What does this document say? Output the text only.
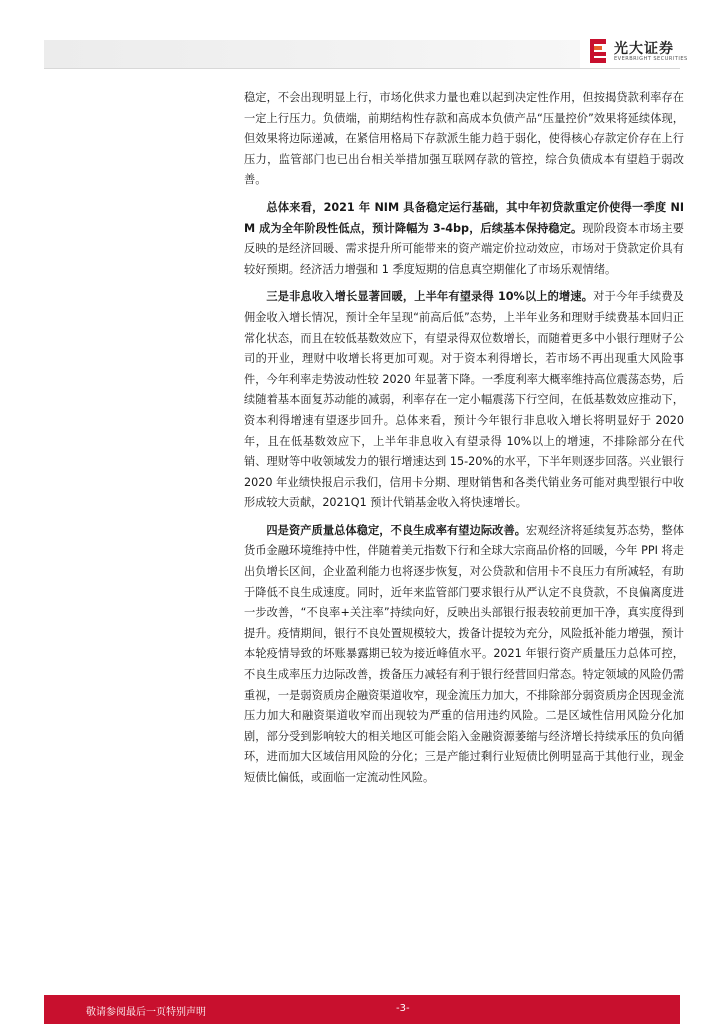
光大证券
EVERBRIGHT SECURITIES

稳定，不会出现明显上行，市场化供求力量也难以起到决定性作用，但按揭贷款利率存在一定上行压力。负债端，前期结构性存款和高成本负债产品“压量控价”效果将延续体现，但效果将边际递减，在紧信用格局下存款派生能力趋于弱化，使得核心存款定价存在上行压力，监管部门也已出台相关举措加强互联网存款的管控，综合负债成本有望趋于弱改善。

总体来看，2021 年 NIM 具备稳定运行基础，其中年初贷款重定价使得一季度 NIM 成为全年阶段性低点，预计降幅为 3-4bp，后续基本保持稳定。现阶段资本市场主要反映的是经济回暖、需求提升所可能带来的资产端定价拉动效应，市场对于贷款定价具有较好预期。经济活力增强和 1 季度短期的信息真空期催化了市场乐观情绪。

三是非息收入增长显著回暖，上半年有望录得 10%以上的增速。对于今年手续费及佣金收入增长情况，预计全年呈现“前高后低”态势，上半年业务和理财手续费基本回归正常化状态，而且在较低基数效应下，有望录得双位数增长，而随着更多中小银行理财子公司的开业，理财中收增长将更加可观。对于资本利得增长，若市场不再出现重大风险事件，今年利率走势波动性较 2020 年显著下降。一季度利率大概率维持高位震荡态势，后续随着基本面复苏动能的减弱，利率存在一定小幅震荡下行空间，在低基数效应推动下，资本利得增速有望逐步回升。总体来看，预计今年银行非息收入增长将明显好于 2020 年，且在低基数效应下，上半年非息收入有望录得 10%以上的增速，不排除部分在代销、理财等中收领域发力的银行增速达到 15-20%的水平，下半年则逐步回落。兴业银行 2020 年业绩快报启示我们，信用卡分期、理财销售和各类代销业务可能对典型银行中收形成较大贡献，2021Q1 预计代销基金收入将快速增长。

四是资产质量总体稳定，不良生成率有望边际改善。宏观经济将延续复苏态势，整体货币金融环境维持中性，伴随着美元指数下行和全球大宗商品价格的回暖，今年 PPI 将走出负增长区间，企业盈利能力也将逐步恢复，对公贷款和信用卡不良压力有所减轻，有助于降低不良生成速度。同时，近年来监管部门要求银行从严认定不良贷款，不良偏离度进一步改善，“不良率+关注率”持续向好，反映出头部银行报表较前更加干净，真实度得到提升。疫情期间，银行不良处置规模较大，拨备计提较为充分，风险抵补能力增强，预计本轮疫情导致的坏账暴露期已较为接近峰值水平。2021 年银行资产质量压力总体可控，不良生成率压力边际改善，拨备压力减轻有利于银行经营回归常态。特定领域的风险仍需重视，一是弱资质房企融资渠道收窄，现金流压力加大，不排除部分弱资质房企因现金流压力加大和融资渠道收窄而出现较为严重的信用违约风险。二是区域性信用风险分化加剧，部分受到影响较大的相关地区可能会陷入金融资源萎缩与经济增长持续承压的负向循环，进而加大区域信用风险的分化；三是产能过剩行业短债比例明显高于其他行业，现金短债比偏低，或面临一定流动性风险。

敬请参阅最后一页特别声明	-3-
